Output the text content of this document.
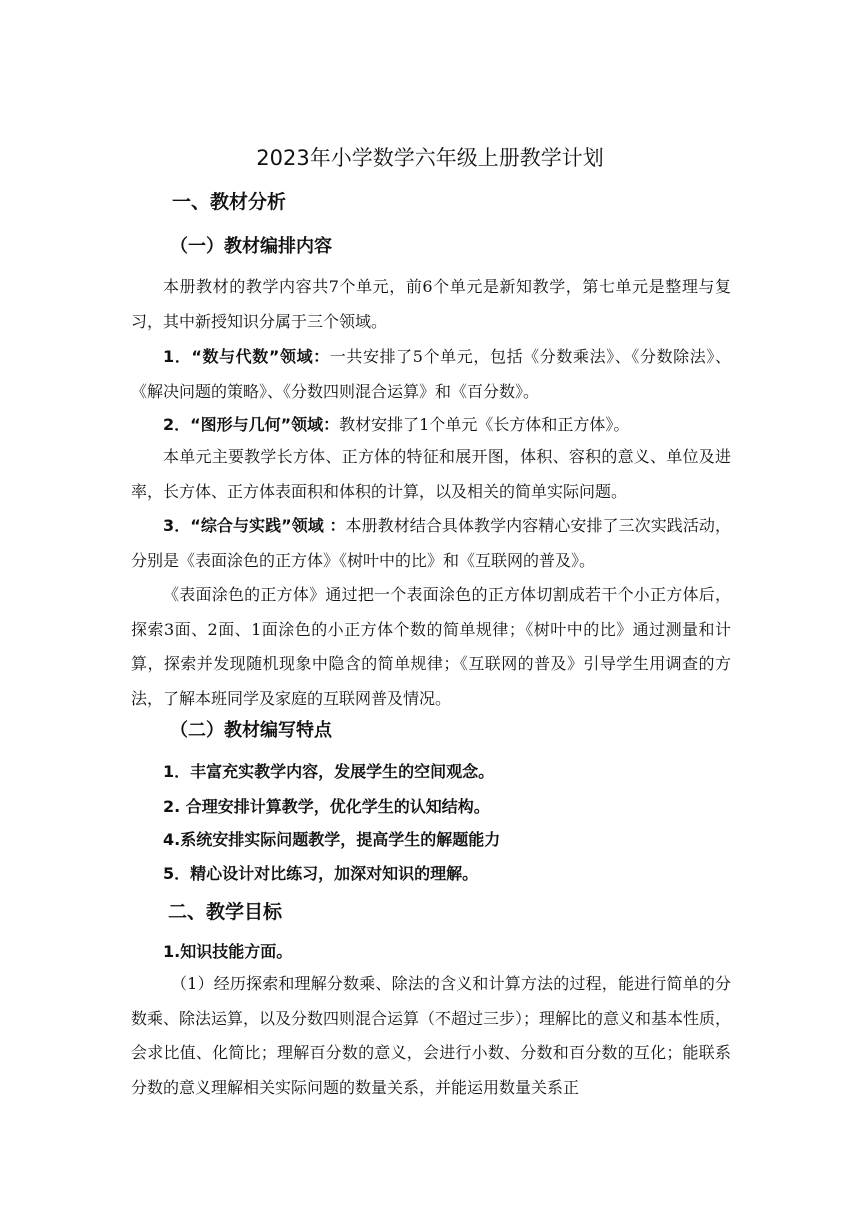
2023年小学数学六年级上册教学计划
一、教材分析
（一）教材编排内容
本册教材的教学内容共7个单元，前6个单元是新知教学，第七单元是整理与复习，其中新授知识分属于三个领域。
1．“数与代数”领域：一共安排了5个单元，包括《分数乘法》、《分数除法》、《解决问题的策略》、《分数四则混合运算》和《百分数》。
2．“图形与几何”领域：教材安排了1个单元《长方体和正方体》。
本单元主要教学长方体、正方体的特征和展开图，体积、容积的意义、单位及进率，长方体、正方体表面积和体积的计算，以及相关的简单实际问题。
3．“综合与实践”领域 ：本册教材结合具体教学内容精心安排了三次实践活动，分别是《表面涂色的正方体》《树叶中的比》和《互联网的普及》。
《表面涂色的正方体》通过把一个表面涂色的正方体切割成若干个小正方体后，探索3面、2面、1面涂色的小正方体个数的简单规律；《树叶中的比》通过测量和计算，探索并发现随机现象中隐含的简单规律；《互联网的普及》引导学生用调查的方法，了解本班同学及家庭的互联网普及情况。
（二）教材编写特点
1．丰富充实教学内容，发展学生的空间观念。
2. 合理安排计算教学，优化学生的认知结构。
4.系统安排实际问题教学，提高学生的解题能力
5．精心设计对比练习，加深对知识的理解。
二、教学目标
1.知识技能方面。
（1）经历探索和理解分数乘、除法的含义和计算方法的过程，能进行简单的分数乘、除法运算，以及分数四则混合运算（不超过三步）；理解比的意义和基本性质，会求比值、化简比；理解百分数的意义，会进行小数、分数和百分数的互化；能联系分数的意义理解相关实际问题的数量关系，并能运用数量关系正
